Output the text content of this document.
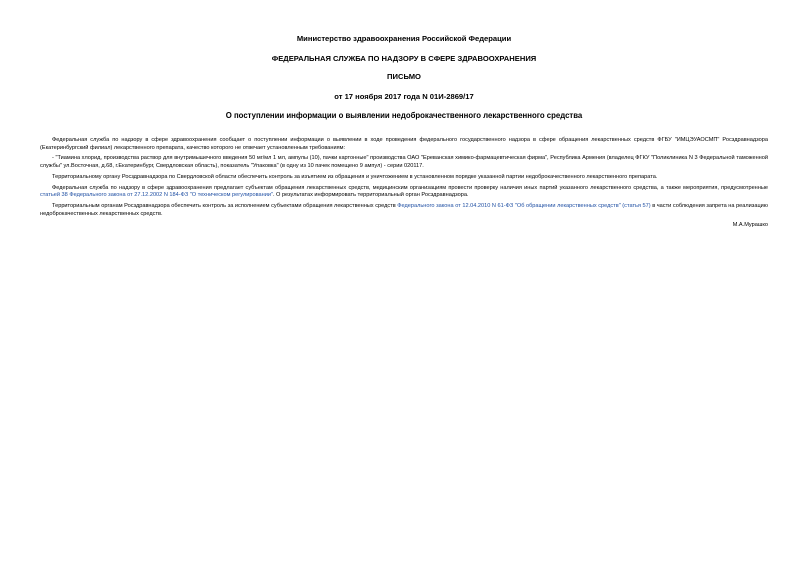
Министерство здравоохранения Российской Федерации
ФЕДЕРАЛЬНАЯ СЛУЖБА ПО НАДЗОРУ В СФЕРЕ ЗДРАВООХРАНЕНИЯ
ПИСЬМО
от 17 ноября 2017 года N 01И-2869/17
О поступлении информации о выявлении недоброкачественного лекарственного средства

Федеральная служба по надзору в сфере здравоохранения сообщает о поступлении информации о выявлении в ходе проведения федерального государственного надзора в сфере обращения лекарственных средств ФГБУ "ИМЦЭУАОСМП" Росздравнадзора (Екатеринбургский филиал) лекарственного препарата, качество которого не отвечает установленным требованиям:

- "Тиамина хлорид, производства раствор для внутримышечного введения 50 мг/мл 1 мл, ампулы (10), пачки картонные" производства ОАО "Ереванская химико-фармацевтическая фирма", Республика Армения (владелец ФГКУ "Поликлиника N 3 Федеральной таможенной службы" ул.Восточная, д.68, г.Екатеринбург, Свердловская область), показатель "Упаковка" (в одну из 10 пачек помещено 9 ампул) - серии 020117.

Территориальному органу Росздравнадзора по Свердловской области обеспечить контроль за изъятием из обращения и уничтожением в установленном порядке указанной партии недоброкачественного лекарственного препарата.

Федеральная служба по надзору в сфере здравоохранения предлагает субъектам обращения лекарственных средств, медицинским организациям провести проверку наличия иных партий указанного лекарственного средства, а также мероприятия, предусмотренные статьей 38 Федерального закона от 27.12.2002 N 184-ФЗ "О техническом регулировании". О результатах информировать территориальный орган Росздравнадзора.

Территориальным органам Росздравнадзора обеспечить контроль за исполнением субъектами обращения лекарственных средств Федерального закона от 12.04.2010 N 61-ФЗ "Об обращении лекарственных средств" (статья 57) в части соблюдения запрета на реализацию недоброкачественных лекарственных средств.

М.А.Мурашко
